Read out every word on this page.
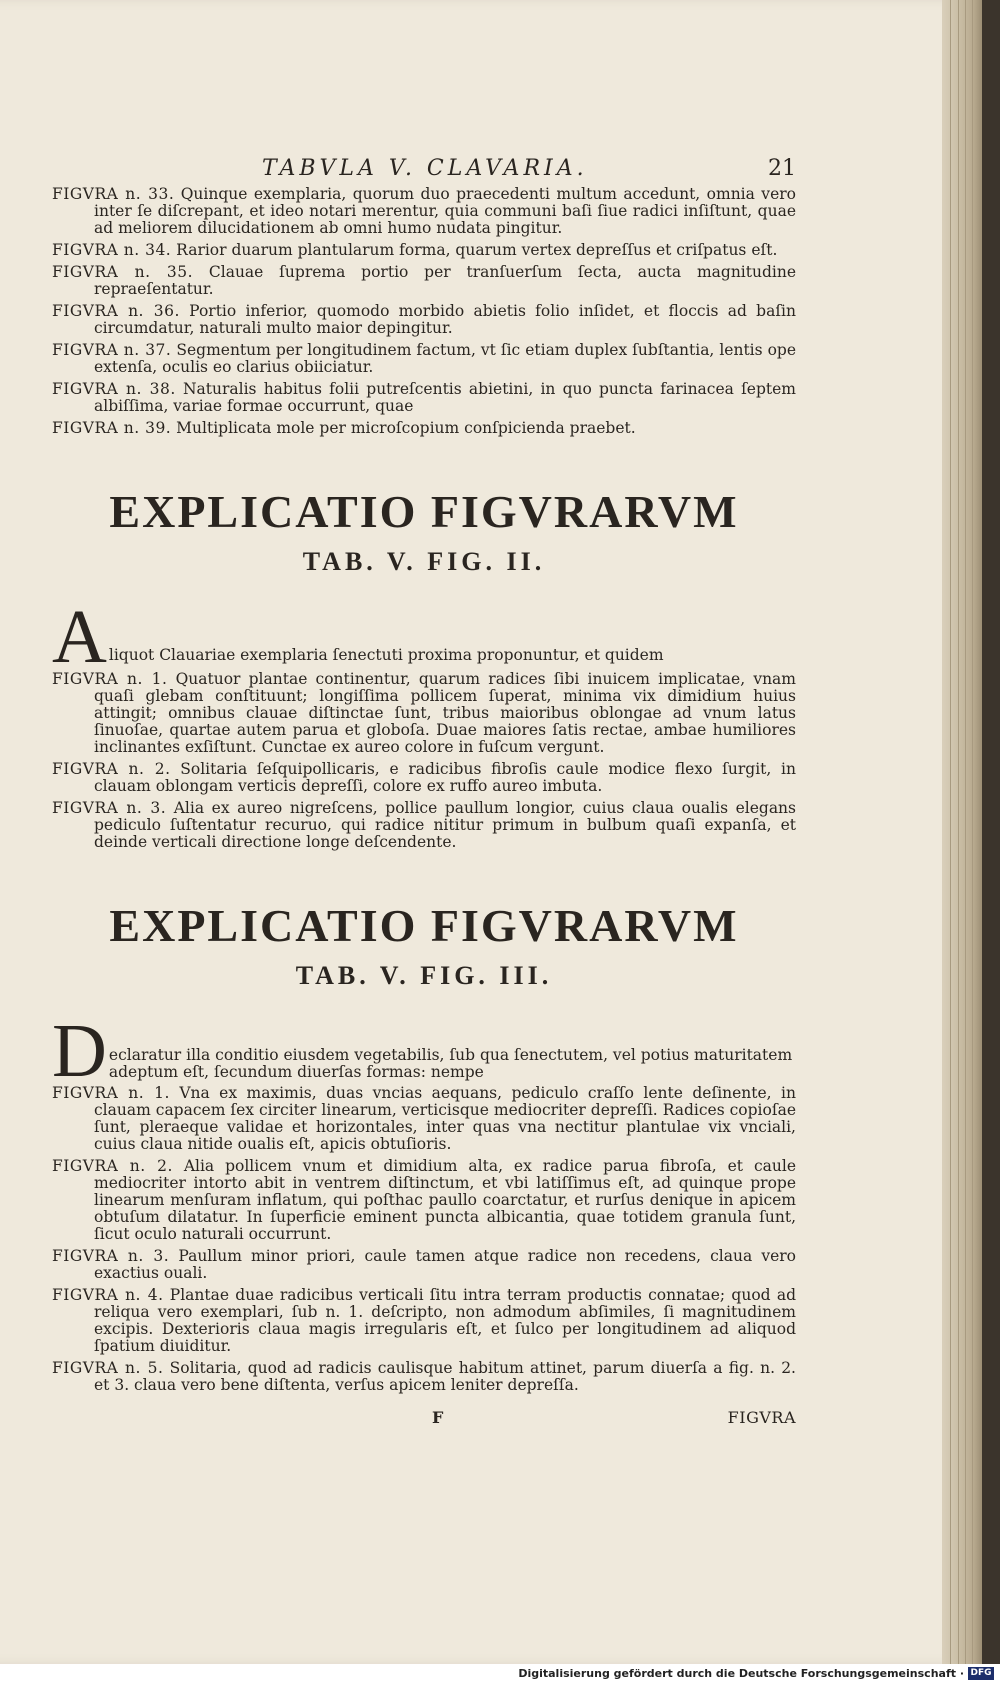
TABVLA V. CLAVARIA.	21

FIGVRA n. 33. Quinque exemplaria, quorum duo praecedenti multum accedunt, omnia vero inter ſe diſcrepant, et ideo notari merentur, quia communi baſi ſiue radici inſiſtunt, quae ad meliorem dilucidationem ab omni humo nudata pingitur.

FIGVRA n. 34. Rarior duarum plantularum forma, quarum vertex depreſſus et criſpatus eſt.

FIGVRA n. 35. Clauae ſuprema portio per tranſuerſum ſecta, aucta magnitudine repraeſentatur.

FIGVRA n. 36. Portio inferior, quomodo morbido abietis folio inſidet, et floccis ad baſin circumdatur, naturali multo maior depingitur.

FIGVRA n. 37. Segmentum per longitudinem factum, vt ſic etiam duplex ſubſtantia, lentis ope extenſa, oculis eo clarius obiiciatur.

FIGVRA n. 38. Naturalis habitus folii putreſcentis abietini, in quo puncta farinacea ſeptem albiſſima, variae formae occurrunt, quae

FIGVRA n. 39. Multiplicata mole per microſcopium conſpicienda praebet.

EXPLICATIO FIGVRARVM
TAB. V. FIG. II.
A liquot Clauariae exemplaria ſenectuti proxima proponuntur, et quidem

FIGVRA n. 1. Quatuor plantae continentur, quarum radices ſibi inuicem implicatae, vnam quaſi glebam conſtituunt; longiſſima pollicem ſuperat, minima vix dimidium huius attingit; omnibus clauae diſtinctae ſunt, tribus maioribus oblongae ad vnum latus ſinuoſae, quartae autem parua et globoſa. Duae maiores ſatis rectae, ambae humiliores inclinantes exſiſtunt. Cunctae ex aureo colore in fuſcum vergunt.

FIGVRA n. 2. Solitaria ſeſquipollicaris, e radicibus fibroſis caule modice flexo ſurgit, in clauam oblongam verticis depreſſi, colore ex ruffo aureo imbuta.

FIGVRA n. 3. Alia ex aureo nigreſcens, pollice paullum longior, cuius claua oualis elegans pediculo ſuſtentatur recuruo, qui radice nititur primum in bulbum quaſi expanſa, et deinde verticali directione longe deſcendente.

EXPLICATIO FIGVRARVM
TAB. V. FIG. III.
D eclaratur illa conditio eiusdem vegetabilis, ſub qua ſenectutem, vel potius maturitatem adeptum eſt, ſecundum diuerſas formas: nempe

FIGVRA n. 1. Vna ex maximis, duas vncias aequans, pediculo craſſo lente deſinente, in clauam capacem ſex circiter linearum, verticisque mediocriter depreſſi. Radices copioſae ſunt, pleraeque validae et horizontales, inter quas vna nectitur plantulae vix vnciali, cuius claua nitide oualis eſt, apicis obtuſioris.

FIGVRA n. 2. Alia pollicem vnum et dimidium alta, ex radice parua fibroſa, et caule mediocriter intorto abit in ventrem diſtinctum, et vbi latiſſimus eſt, ad quinque prope linearum menſuram inflatum, qui poſthac paullo coarctatur, et rurſus denique in apicem obtuſum dilatatur. In ſuperficie eminent puncta albicantia, quae totidem granula ſunt, ſicut oculo naturali occurrunt.

FIGVRA n. 3. Paullum minor priori, caule tamen atque radice non recedens, claua vero exactius ouali.

FIGVRA n. 4. Plantae duae radicibus verticali ſitu intra terram productis connatae; quod ad reliqua vero exemplari, ſub n. 1. deſcripto, non admodum abſimiles, ſi magnitudinem excipis. Dexterioris claua magis irregularis eſt, et ſulco per longitudinem ad aliquod ſpatium diuiditur.

FIGVRA n. 5. Solitaria, quod ad radicis caulisque habitum attinet, parum diuerſa a fig. n. 2. et 3. claua vero bene diſtenta, verſus apicem leniter depreſſa.

F	FIGVRA
Digitalisierung gefördert durch die Deutsche Forschungsgemeinschaft · DFG
